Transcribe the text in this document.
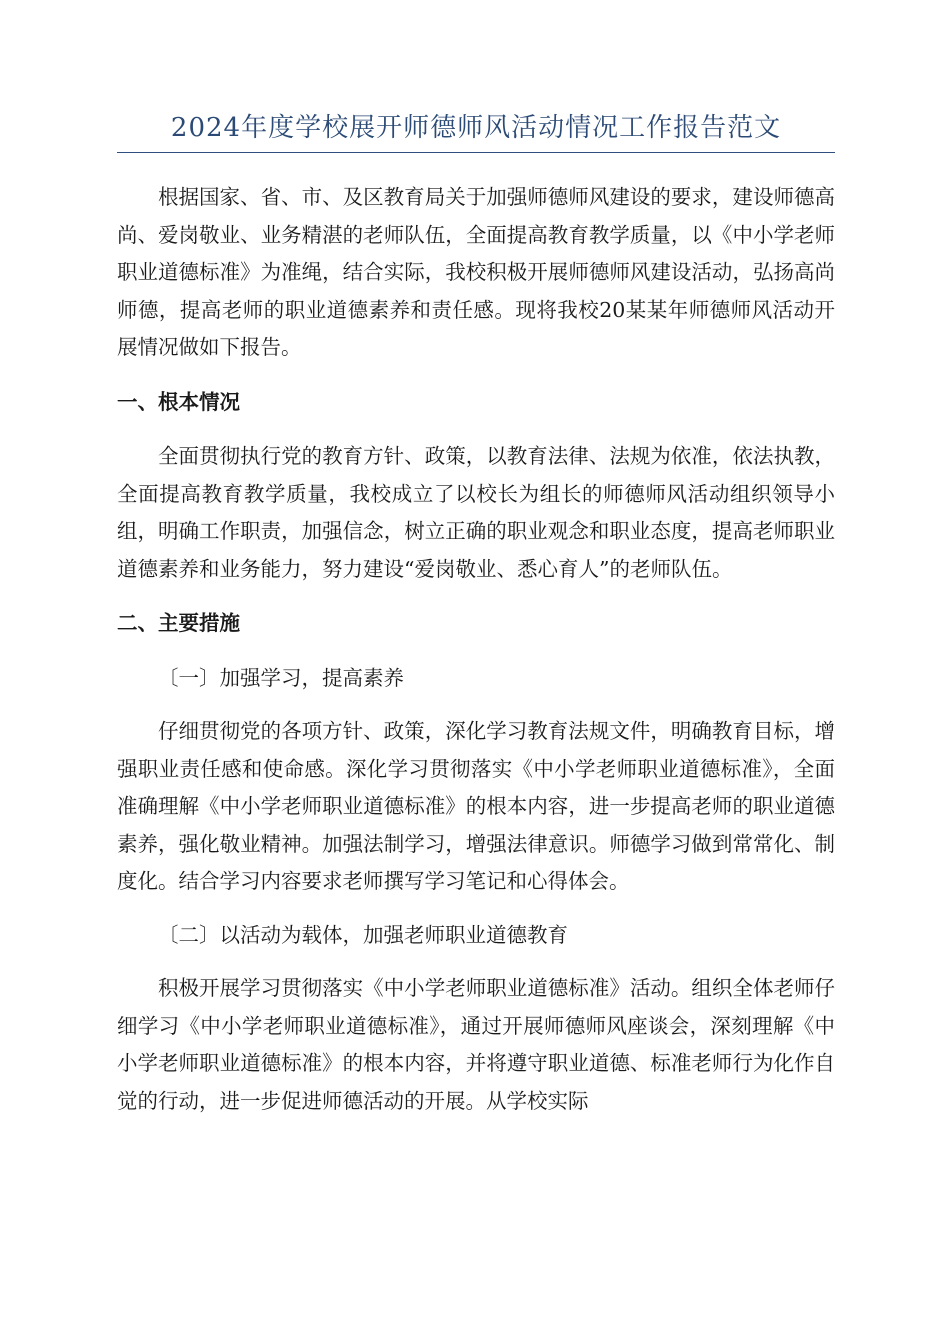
2024年度学校展开师德师风活动情况工作报告范文

根据国家、省、市、及区教育局关于加强师德师风建设的要求，建设师德高尚、爱岗敬业、业务精湛的老师队伍，全面提高教育教学质量，以《中小学老师职业道德标准》为准绳，结合实际，我校积极开展师德师风建设活动，弘扬高尚师德，提高老师的职业道德素养和责任感。现将我校20某某年师德师风活动开展情况做如下报告。

一、根本情况

全面贯彻执行党的教育方针、政策，以教育法律、法规为依准，依法执教，全面提高教育教学质量，我校成立了以校长为组长的师德师风活动组织领导小组，明确工作职责，加强信念，树立正确的职业观念和职业态度，提高老师职业道德素养和业务能力，努力建设“爱岗敬业、悉心育人”的老师队伍。

二、主要措施
〔一〕加强学习，提高素养

仔细贯彻党的各项方针、政策，深化学习教育法规文件，明确教育目标，增强职业责任感和使命感。深化学习贯彻落实《中小学老师职业道德标准》，全面准确理解《中小学老师职业道德标准》的根本内容，进一步提高老师的职业道德素养，强化敬业精神。加强法制学习，增强法律意识。师德学习做到常常化、制度化。结合学习内容要求老师撰写学习笔记和心得体会。

〔二〕以活动为载体，加强老师职业道德教育

积极开展学习贯彻落实《中小学老师职业道德标准》活动。组织全体老师仔细学习《中小学老师职业道德标准》，通过开展师德师风座谈会，深刻理解《中小学老师职业道德标准》的根本内容，并将遵守职业道德、标准老师行为化作自觉的行动，进一步促进师德活动的开展。从学校实际
